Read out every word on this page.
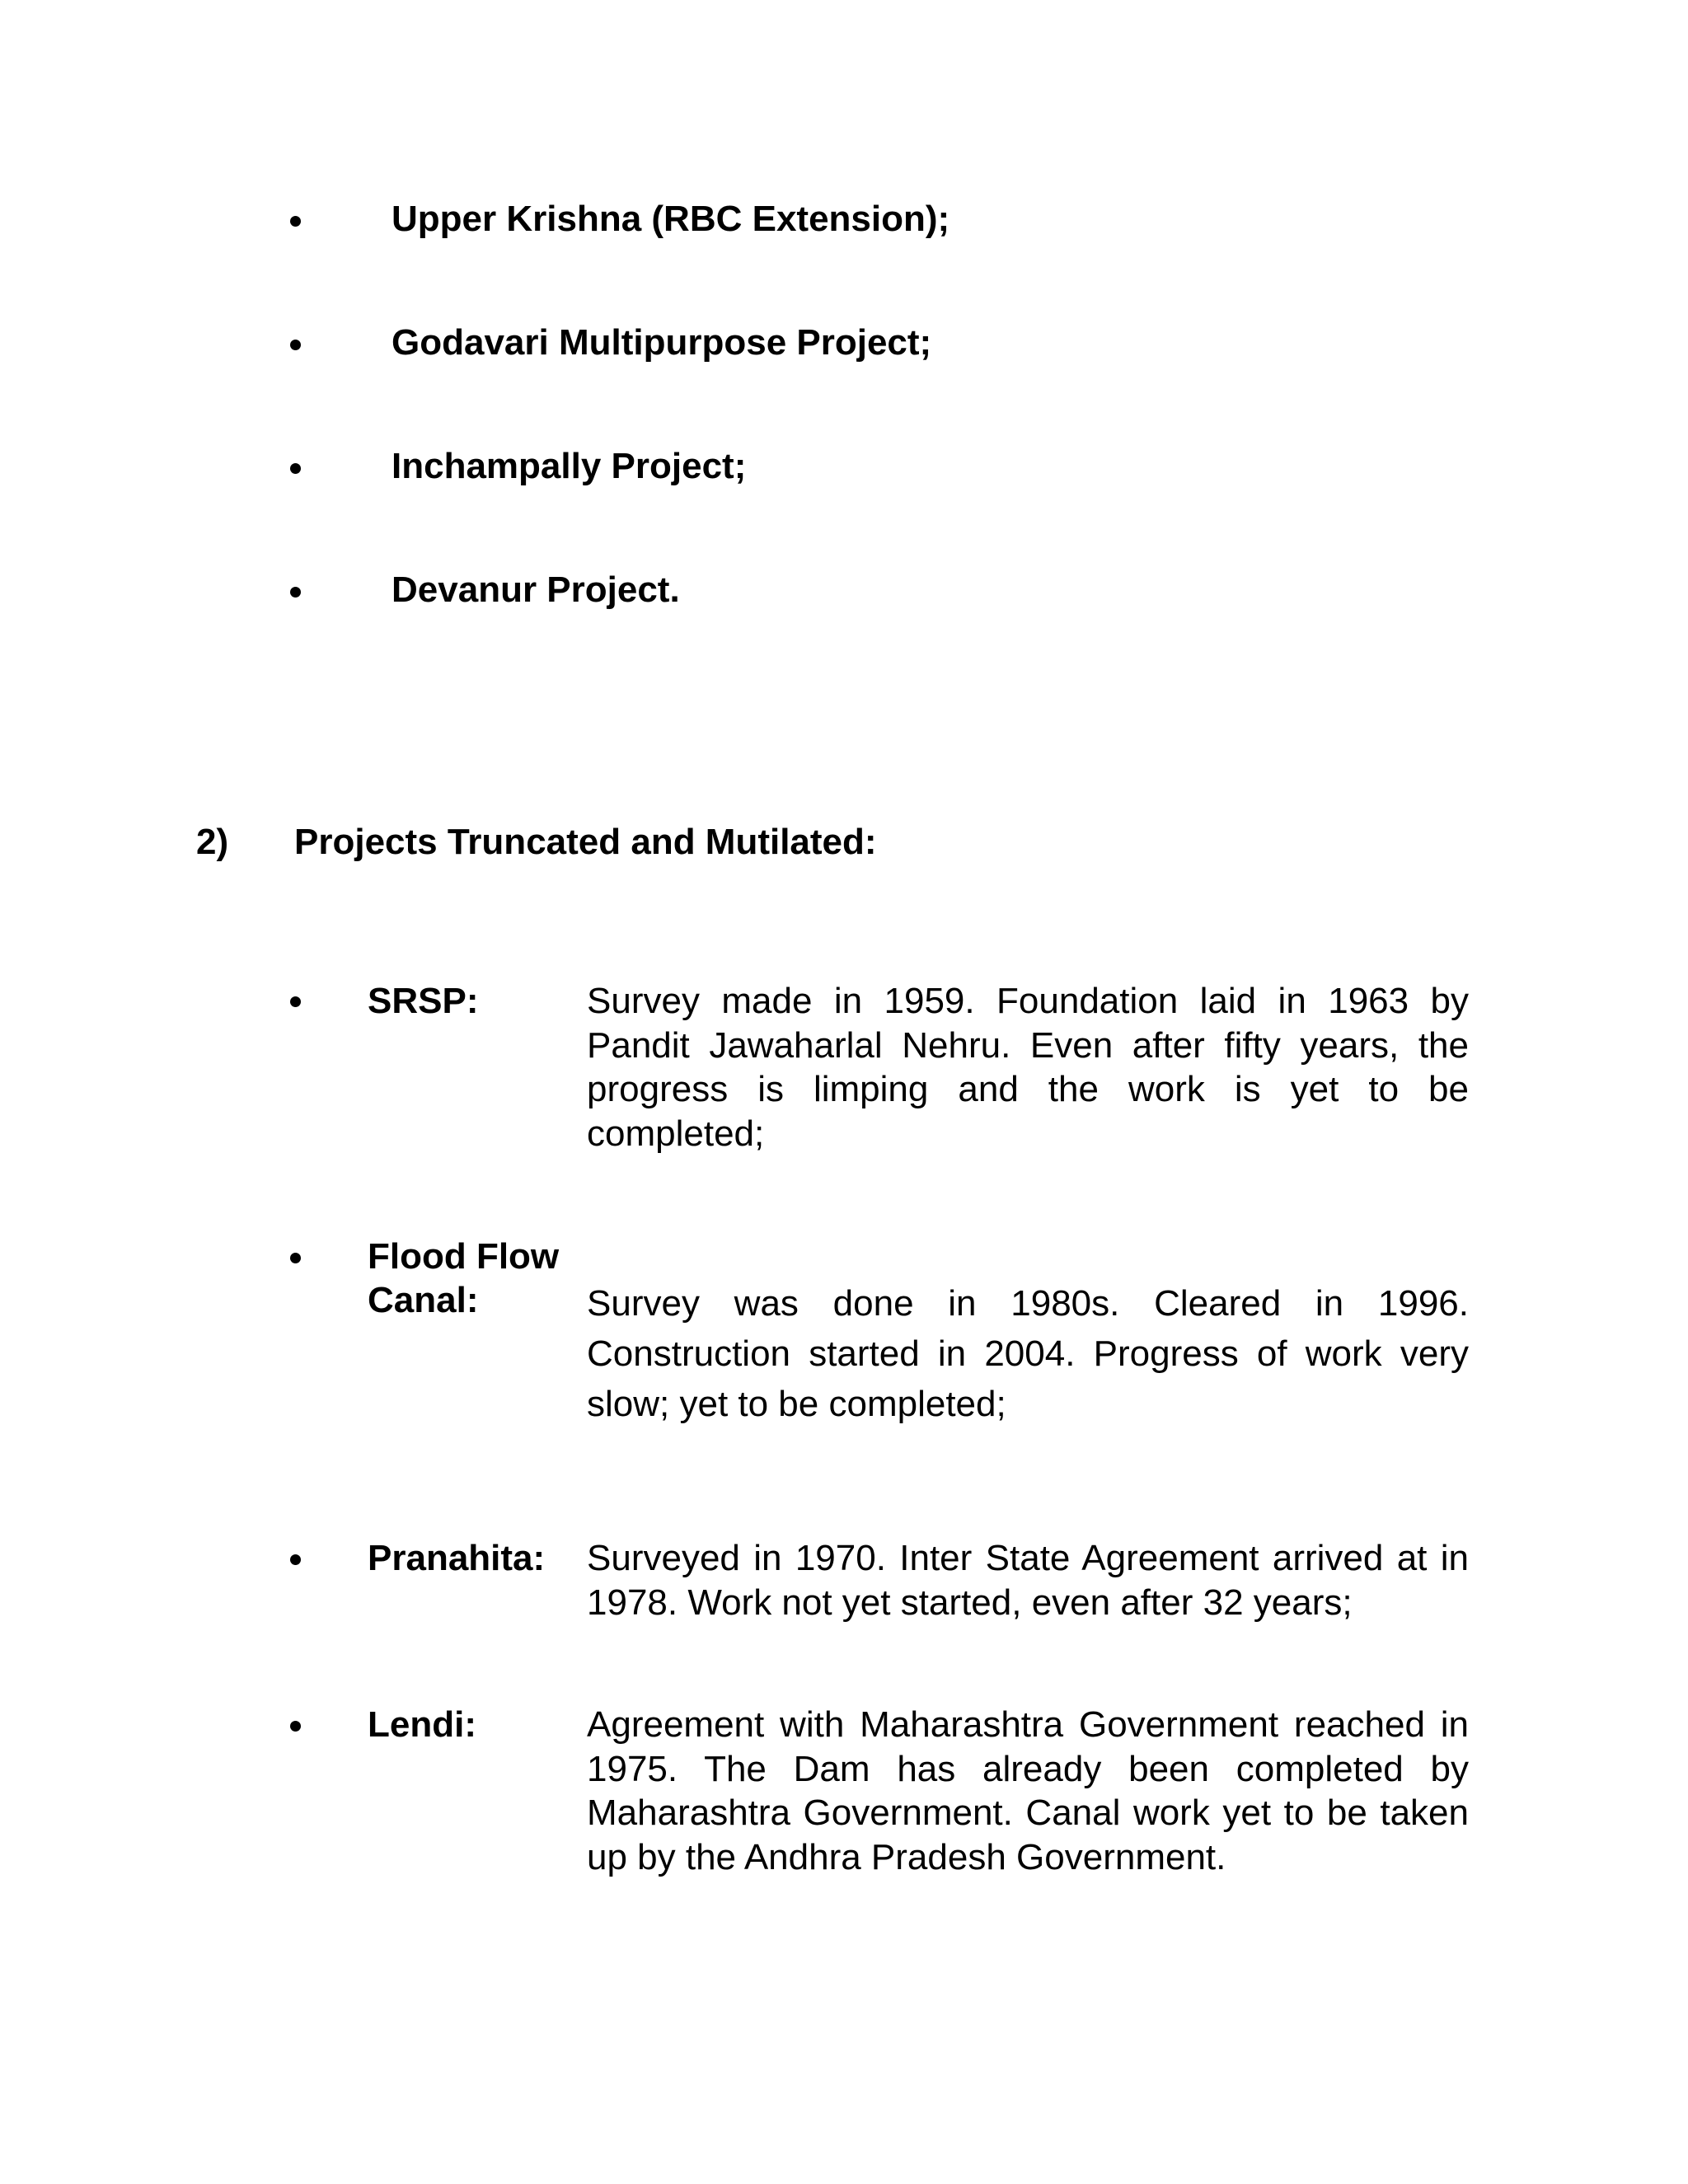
Upper Krishna (RBC Extension);
Godavari Multipurpose Project;
Inchampally Project;
Devanur Project.
2) Projects Truncated and Mutilated:
SRSP:	Survey made in 1959. Foundation laid in 1963 by Pandit Jawaharlal Nehru. Even after fifty years, the progress is limping and the work is yet to be completed;
Flood Flow
Canal:	Survey was done in 1980s. Cleared in 1996. Construction started in 2004. Progress of work very slow; yet to be completed;
Pranahita: Surveyed in 1970. Inter State Agreement arrived at in 1978. Work not yet started, even after 32 years;
Lendi:	Agreement with Maharashtra Government reached in 1975. The Dam has already been completed by Maharashtra Government. Canal work yet to be taken up by the Andhra Pradesh Government.
